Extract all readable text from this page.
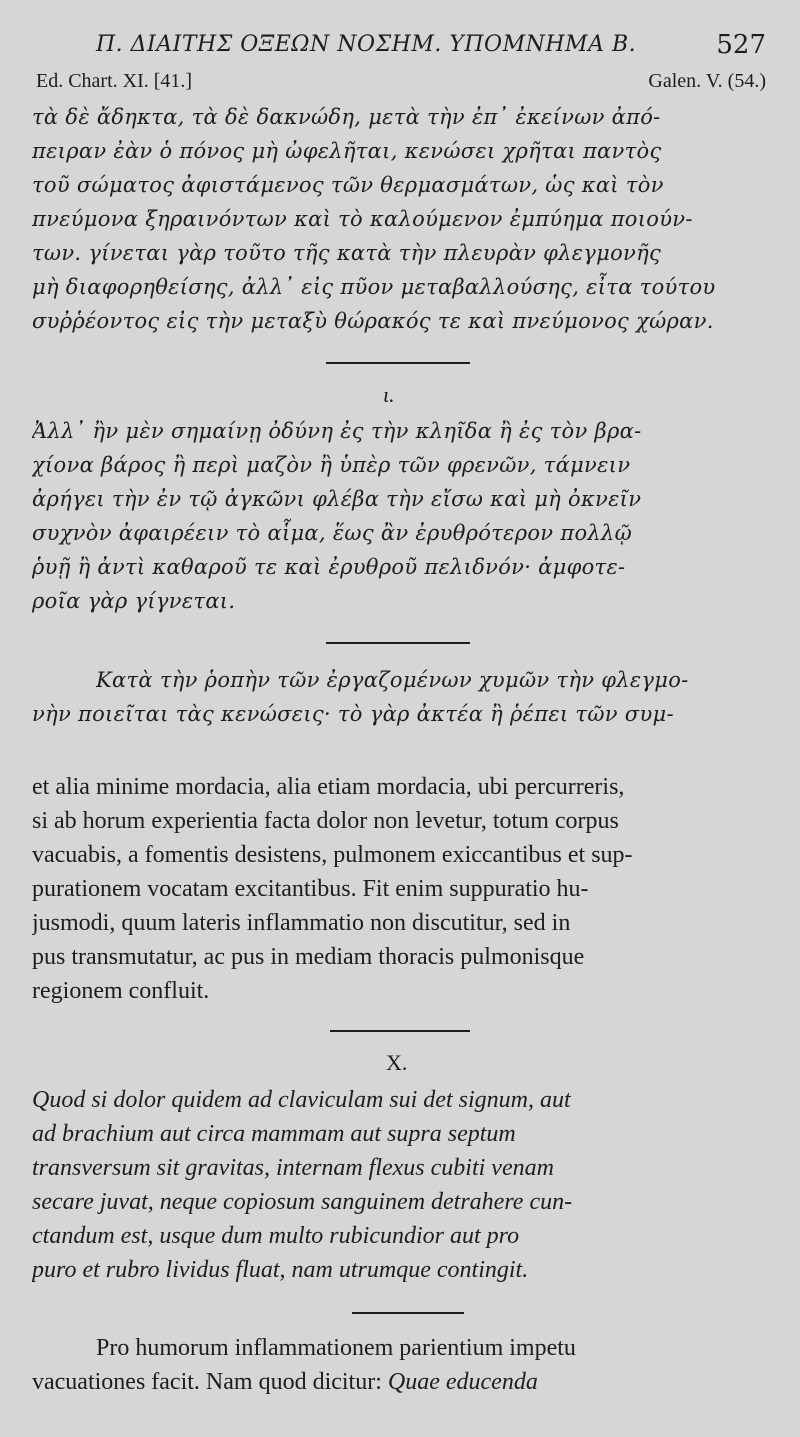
Π. ΔΙΑΙΤΗΣ ΟΞΕΩΝ ΝΟΣΗΜ. ΥΠΟΜΝΗΜΑ Β.	527
Ed. Chart. XI. [41.]	Galen. V. (54.)
τὰ δὲ ἄδηκτα, τὰ δὲ δακνώδη, μετὰ τὴν ἐπ᾽ ἐκείνων ἀπό-
πειραν ἐὰν ὁ πόνος μὴ ὠφελῆται, κενώσει χρῆται παντὸς
τοῦ σώματος ἀφιστάμενος τῶν θερμασμάτων, ὡς καὶ τὸν
πνεύμονα ξηραινόντων καὶ τὸ καλούμενον ἐμπύημα ποιούν-
των. γίνεται γὰρ τοῦτο τῆς κατὰ τὴν πλευρὰν φλεγμονῆς
μὴ διαφορηθείσης, ἀλλ᾽ εἰς πῦον μεταβαλλούσης, εἶτα τούτου
συῤῥέοντος εἰς τὴν μεταξὺ θώρακός τε καὶ πνεύμονος χώραν.
ι.
Ἀλλ᾽ ἢν μὲν σημαίνῃ ὀδύνη ἐς τὴν κληῖδα ἢ ἐς τὸν βρα-
χίονα βάρος ἢ περὶ μαζὸν ἢ ὑπὲρ τῶν φρενῶν, τάμνειν
ἀρήγει τὴν ἐν τῷ ἀγκῶνι φλέβα τὴν εἴσω καὶ μὴ ὀκνεῖν
συχνὸν ἀφαιρέειν τὸ αἷμα, ἕως ἂν ἐρυθρότερον πολλῷ
ῥυῇ ἢ ἀντὶ καθαροῦ τε καὶ ἐρυθροῦ πελιδνόν· ἀμφοτε-
ροῖα γὰρ γίγνεται.
Κατὰ τὴν ῥοπὴν τῶν ἐργαζομένων χυμῶν τὴν φλεγμο-
νὴν ποιεῖται τὰς κενώσεις· τὸ γὰρ ἀκτέα ἢ ῥέπει τῶν συμ-
et alia minime mordacia, alia etiam mordacia, ubi percurreris,
si ab horum experientia facta dolor non levetur, totum corpus
vacuabis, a fomentis desistens, pulmonem exiccantibus et sup-
purationem vocatam excitantibus. Fit enim suppuratio hu-
jusmodi, quum lateris inflammatio non discutitur, sed in
pus transmutatur, ac pus in mediam thoracis pulmonisque
regionem confluit.
X.
Quod si dolor quidem ad claviculam sui det signum, aut
ad brachium aut circa mammam aut supra septum
transversum sit gravitas, internam flexus cubiti venam
secare juvat, neque copiosum sanguinem detrahere cun-
ctandum est, usque dum multo rubicundior aut pro
puro et rubro lividus fluat, nam utrumque contingit.
Pro humorum inflammationem parientium impetu
vacuationes facit. Nam quod dicitur: Quae educenda
